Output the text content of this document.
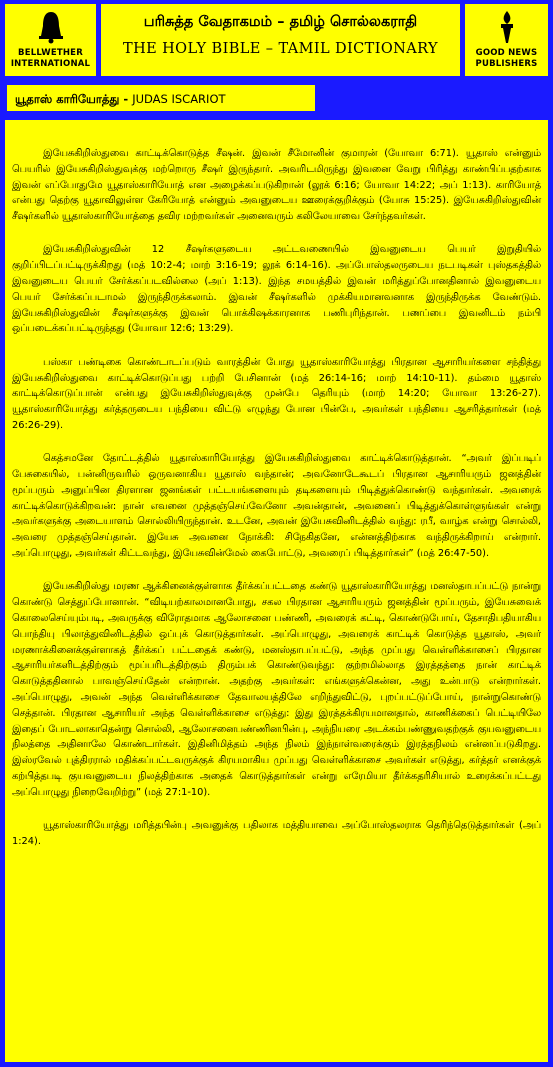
BELLWETHER
INTERNATIONAL
பரிசுத்த வேதாகமம் – தமிழ் சொல்லகராதி
THE HOLY BIBLE – TAMIL DICTIONARY	GOOD NEWS
PUBLISHERS
யூதாஸ் காரியோத்து - JUDAS ISCARIOT

இயேசுகிறிஸ்துவை காட்டிக்கொடுத்த சீஷன். இவன் சீமோனின் குமாரன் (யோவா 6:71). யூதாஸ் என்னும் பெயரில் இயேசுகிறிஸ்துவுக்கு மற்றொரு சீஷர் இருந்தார். அவரிடமிருந்து இவனை வேறு பிரித்து காண்பிப்பதற்காக இவன் எப்போதுமே யூதாஸ்காரியோத் என அழைக்கப்படுகிறான் (லூக் 6:16; யோவா 14:22; அப் 1:13). காரியோத் என்பது தெற்கு யூதாவிலுள்ள கேரியோத் என்னும் அவனுடைய ஊரைக்குறிக்கும் (யோசு 15:25). இயேசுகிறிஸ்துவின் சீஷர்களில் யூதாஸ்காரியோத்தை தவிர மற்றவர்கள் அனைவரும் கலிலேயாவை சேர்ந்தவர்கள்.

இயேசுகிறிஸ்துவின் 12 சீஷர்களுடைய அட்டவணையில் இவனுடைய பெயர் இறுதியில் குறிப்பிடப்பட்டிருக்கிறது (மத் 10:2-4; மாற் 3:16-19; லூக் 6:14-16). அப்போஸ்தலருடைய நடபடிகள் புஸ்தகத்தில் இவனுடைய பெயர் சேர்க்கப்படவில்லை (அப் 1:13). இந்த சமயத்தில் இவன் மரித்துப்போனதினால் இவனுடைய பெயர் சேர்க்கப்படாமல் இருந்திருக்கலாம். இவன் சீஷர்களில் முக்கியமானவனாக இருந்திருக்க வேண்டும். இயேசுகிறிஸ்துவின் சீஷர்களுக்கு இவன் பொக்கிஷக்காரனாக பணிபுரிந்தான். பணப்பை இவனிடம் நம்பி ஒப்படைக்கப்பட்டிருந்தது (யோவா 12:6; 13:29).

பஸ்கா பண்டிகை கொண்டாடப்படும் வாரத்தின் போது யூதாஸ்காரியோத்து பிரதான ஆசாரியர்களை சந்தித்து இயேசுகிறிஸ்துவை காட்டிக்கொடுப்பது பற்றி பேசினான் (மத் 26:14-16; மாற் 14:10-11). தம்மை யூதாஸ் காட்டிக்கொடுப்பான் என்பது இயேசுகிறிஸ்துவுக்கு முன்பே தெரியும் (மாற் 14:20; யோவா 13:26-27). யூதாஸ்காரியோத்து கர்த்தருடைய பந்தியை விட்டு எழுந்து போன பின்பே, அவர்கள் பந்தியை ஆசரித்தார்கள் (மத் 26:26-29).

கெத்சமனே தோட்டத்தில் யூதாஸ்காரியோத்து இயேசுகிறிஸ்துவை காட்டிக்கொடுத்தான். “அவர் இப்படிப் பேசுகையில், பன்னிருவரில் ஒருவனாகிய யூதாஸ் வந்தான்; அவனோடேகூடப் பிரதான ஆசாரியரும் ஜனத்தின் மூப்பரும் அனுப்பின திரளான ஜனங்கள் பட்டயங்களையும் தடிகளையும் பிடித்துக்கொண்டு வந்தார்கள். அவரைக் காட்டிக்கொடுக்கிறவன்: நான் எவனை முத்தஞ்செய்வேனோ அவன்தான், அவனைப் பிடித்துக்கொள்ளுங்கள் என்று அவர்களுக்கு அடையாளம் சொல்லியிருந்தான். உடனே, அவன் இயேசுவினிடத்தில் வந்து: ரபீ, வாழ்க என்று சொல்லி, அவரை முத்தஞ்செய்தான். இயேசு அவனை நோக்கி: சிநேகிதனே, என்னத்திற்காக வந்திருக்கிறாய் என்றார். அப்பொழுது, அவர்கள் கிட்டவந்து, இயேசுவின்மேல் கைபோட்டு, அவரைப் பிடித்தார்கள்” (மத் 26:47-50).

இயேசுகிறிஸ்து மரண ஆக்கினைக்குள்ளாக தீர்க்கப்பட்டதை கண்டு யூதாஸ்காரியோத்து மனஸ்தாபப்பட்டு நான்று கொண்டு செத்துப்போனான். “விடியற்காலமானபோது, சகல பிரதான ஆசாரியரும் ஜனத்தின் மூப்பரும், இயேசுவைக் கொலைசெய்யும்படி, அவருக்கு விரோதமாக ஆலோசனை பண்ணி, அவரைக் கட்டி, கொண்டுபோய், தேசாதிபதியாகிய பொந்தியு பிலாத்துவினிடத்தில் ஒப்புக் கொடுத்தார்கள். அப்பொழுது, அவரைக் காட்டிக் கொடுத்த யூதாஸ், அவர் மரணாக்கினைக்குள்ளாகத் தீர்க்கப் பட்டதைக் கண்டு, மனஸ்தாபப்பட்டு, அந்த முப்பது வெள்ளிக்காசைப் பிரதான ஆசாரியர்களிடத்திற்கும் மூப்பரிடத்திற்கும் திரும்பக் கொண்டுவந்து: குற்றமில்லாத இரத்தத்தை நான் காட்டிக் கொடுத்ததினால் பாவஞ்செய்தேன் என்றான். அதற்கு அவர்கள்: எங்களுக்கென்ன, அது உன்பாடு என்றார்கள். அப்பொழுது, அவன் அந்த வெள்ளிக்காசை தேவாலயத்திலே எறிந்துவிட்டு, புறப்பட்டுப்போய், நான்றுகொண்டு செத்தான். பிரதான ஆசாரியர் அந்த வெள்ளிக்காசை எடுத்து: இது இரத்தக்கிரயமானதால், காணிக்கைப் பெட்டியிலே இதைப் போடலாகாதென்று சொல்லி, ஆலோசனைபண்ணினபின்பு, அந்நியரை அடக்கம்பண்ணுவதற்குக் குயவனுடைய நிலத்தை அதினாலே கொண்டார்கள். இதினிமித்தம் அந்த நிலம் இந்நாள்வரைக்கும் இரத்தநிலம் என்னப்படுகிறது. இஸ்ரவேல் புத்திரரால் மதிக்கப்பட்டவருக்குக் கிரயமாகிய முப்பது வெள்ளிக்காசை அவர்கள் எடுத்து, கர்த்தர் எனக்குக் கற்பித்தபடி குயவனுடைய நிலத்திற்காக அதைக் கொடுத்தார்கள் என்று எரேமியா தீர்க்கதரிசியால் உரைக்கப்பட்டது அப்பொழுது நிறைவேறிற்று” (மத் 27:1-10).

யூதாஸ்காரியோத்து மரித்தபின்பு அவனுக்கு பதிலாக மத்தியாவை அப்போஸ்தலராக தெரிந்தெடுத்தார்கள் (அப் 1:24).
